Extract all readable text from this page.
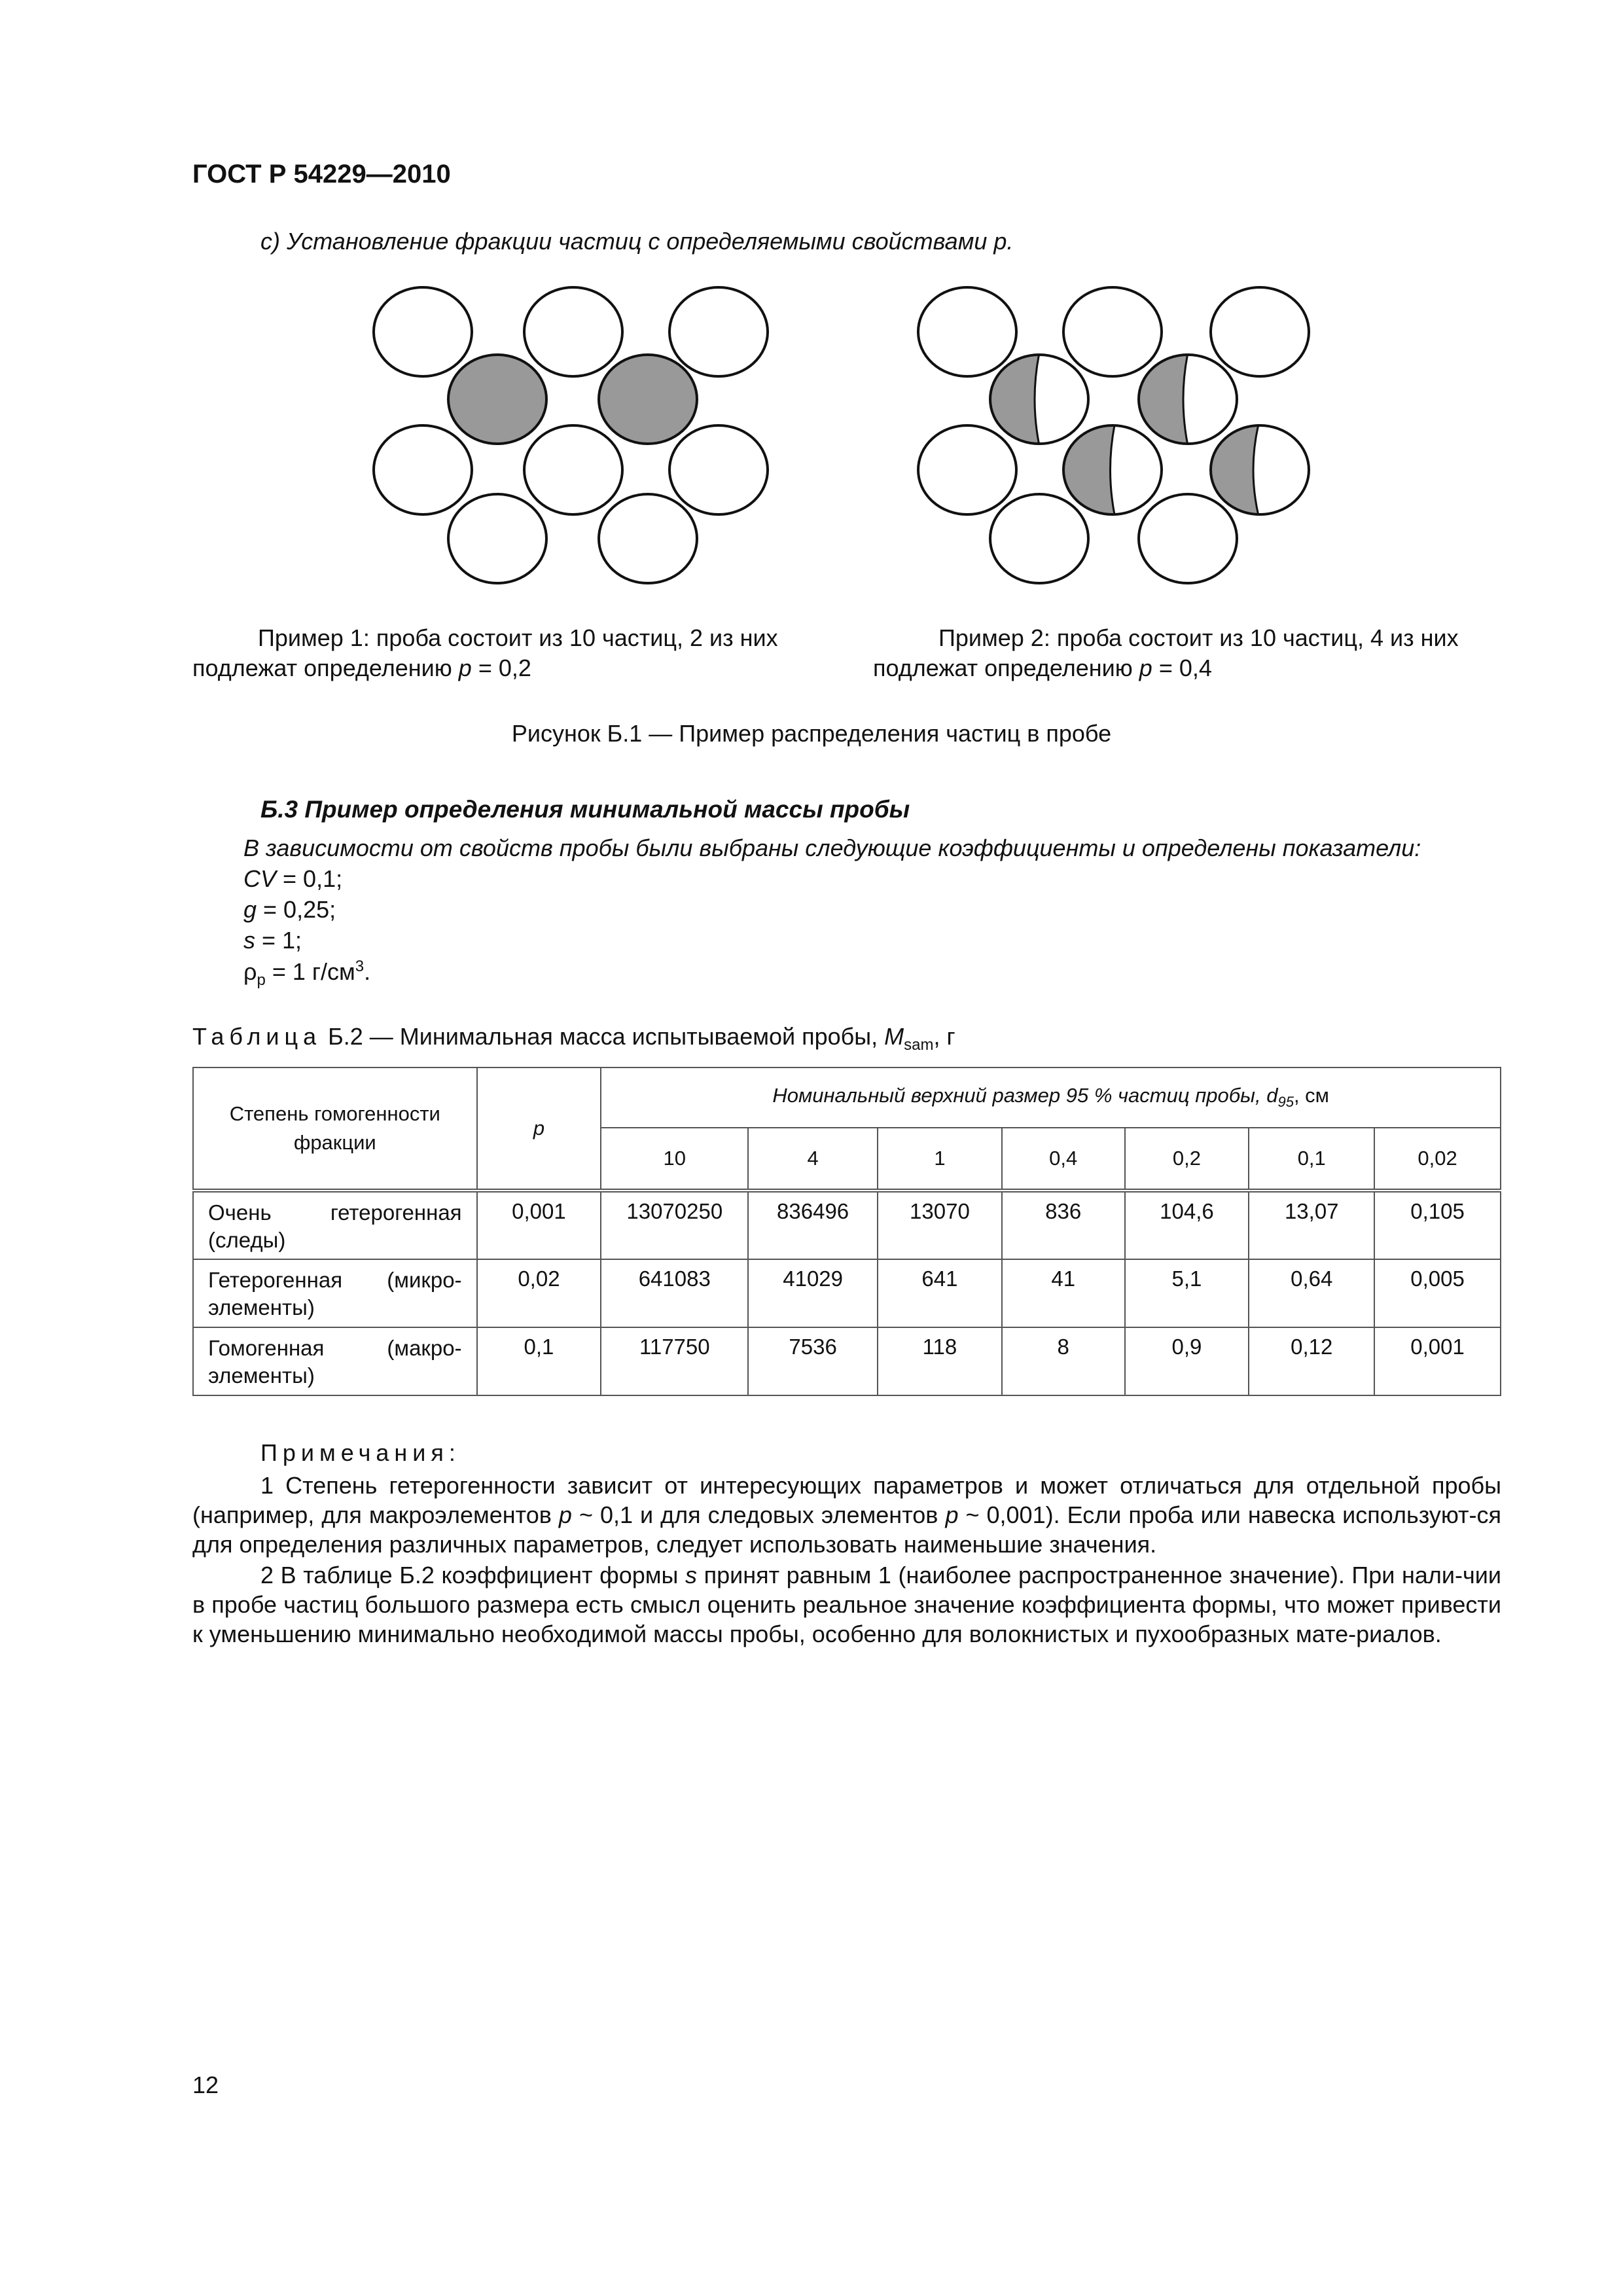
ГОСТ Р 54229—2010
c) Установление фракции частиц с определяемыми свойствами p.
Пример 1: проба состоит из 10 частиц, 2 из них
подлежат определению p = 0,2
Пример 2: проба состоит из 10 частиц, 4 из них
подлежат определению p = 0,4
Рисунок Б.1 — Пример распределения частиц в пробе
Б.3 Пример определения минимальной массы пробы
В зависимости от свойств пробы были выбраны следующие коэффициенты и определены показатели:
CV = 0,1;
g = 0,25;
s = 1;
$\rho_p = 1$ $г/см^3$.
Таблица Б.2 — Минимальная масса испытываемой пробы, $M_{sam}$, г
Степень гомогенности фракции	p	Номинальный верхний размер 95 % частиц пробы, $d_{95}$, см						
		10	4	1	0,4	0,2	0,1	0,02
Очень гетерогенная (следы)	0,001	13070250	836496	13070	836	104,6	13,07	0,105
Гетерогенная (микро-элементы)	0,02	641083	41029	641	41	5,1	0,64	0,005
Гомогенная (макро-элементы)	0,1	117750	7536	118	8	0,9	0,12	0,001
Примечания:
1 Степень гетерогенности зависит от интересующих параметров и может отличаться для отдельной пробы (например, для макроэлементов p ~ 0,1 и для следовых элементов p ~ 0,001). Если проба или навеска используют-ся для определения различных параметров, следует использовать наименьшие значения.
2 В таблице Б.2 коэффициент формы s принят равным 1 (наиболее распространенное значение). При нали-чии в пробе частиц большого размера есть смысл оценить реальное значение коэффициента формы, что может привести к уменьшению минимально необходимой массы пробы, особенно для волокнистых и пухообразных мате-риалов.
12
